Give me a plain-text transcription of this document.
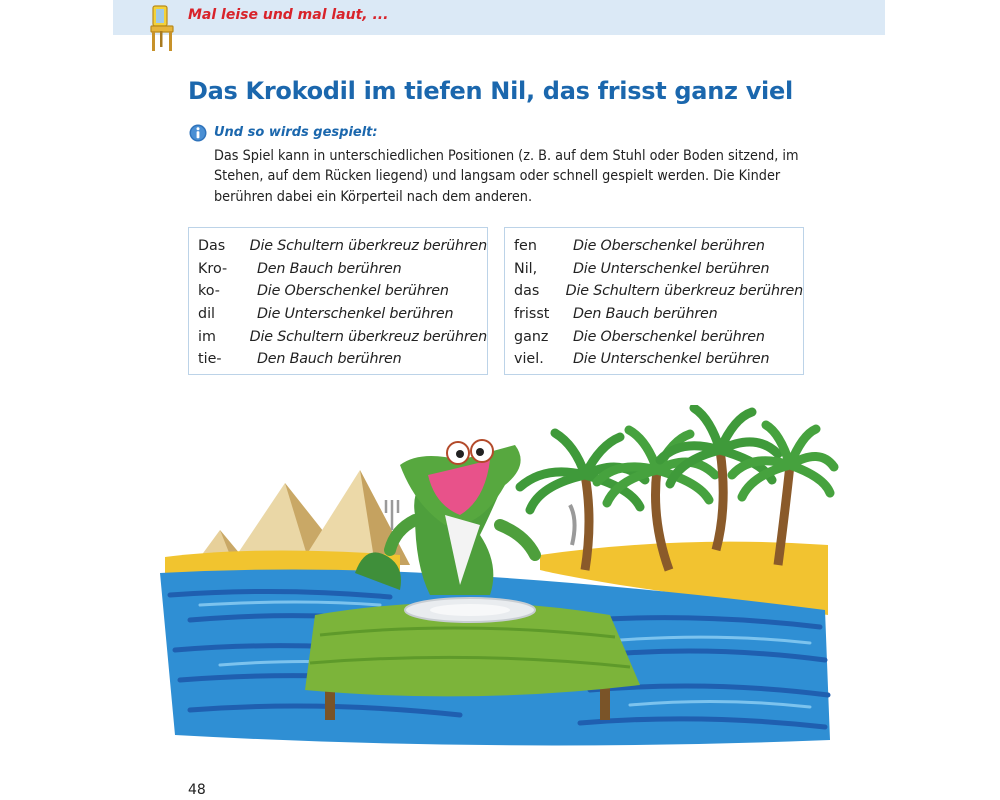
Mal leise und mal laut, ...
Das Krokodil im tiefen Nil, das frisst ganz viel
Und so wirds gespielt:

Das Spiel kann in unterschiedlichen Positionen (z. B. auf dem Stuhl oder Boden sitzend, im Stehen, auf dem Rücken liegend) und langsam oder schnell gespielt werden. Die Kinder berühren dabei ein Körperteil nach dem anderen.

Das	Die Schultern überkreuz berühren
Kro-	Den Bauch berühren
ko-	Die Oberschenkel berühren
dil	Die Unterschenkel berühren
im	Die Schultern überkreuz berühren
tie-	Den Bauch berühren
fen	Die Oberschenkel berühren
Nil,	Die Unterschenkel berühren
das	Die Schultern überkreuz berühren
frisst	Den Bauch berühren
ganz	Die Oberschenkel berühren
viel.	Die Unterschenkel berühren
48
